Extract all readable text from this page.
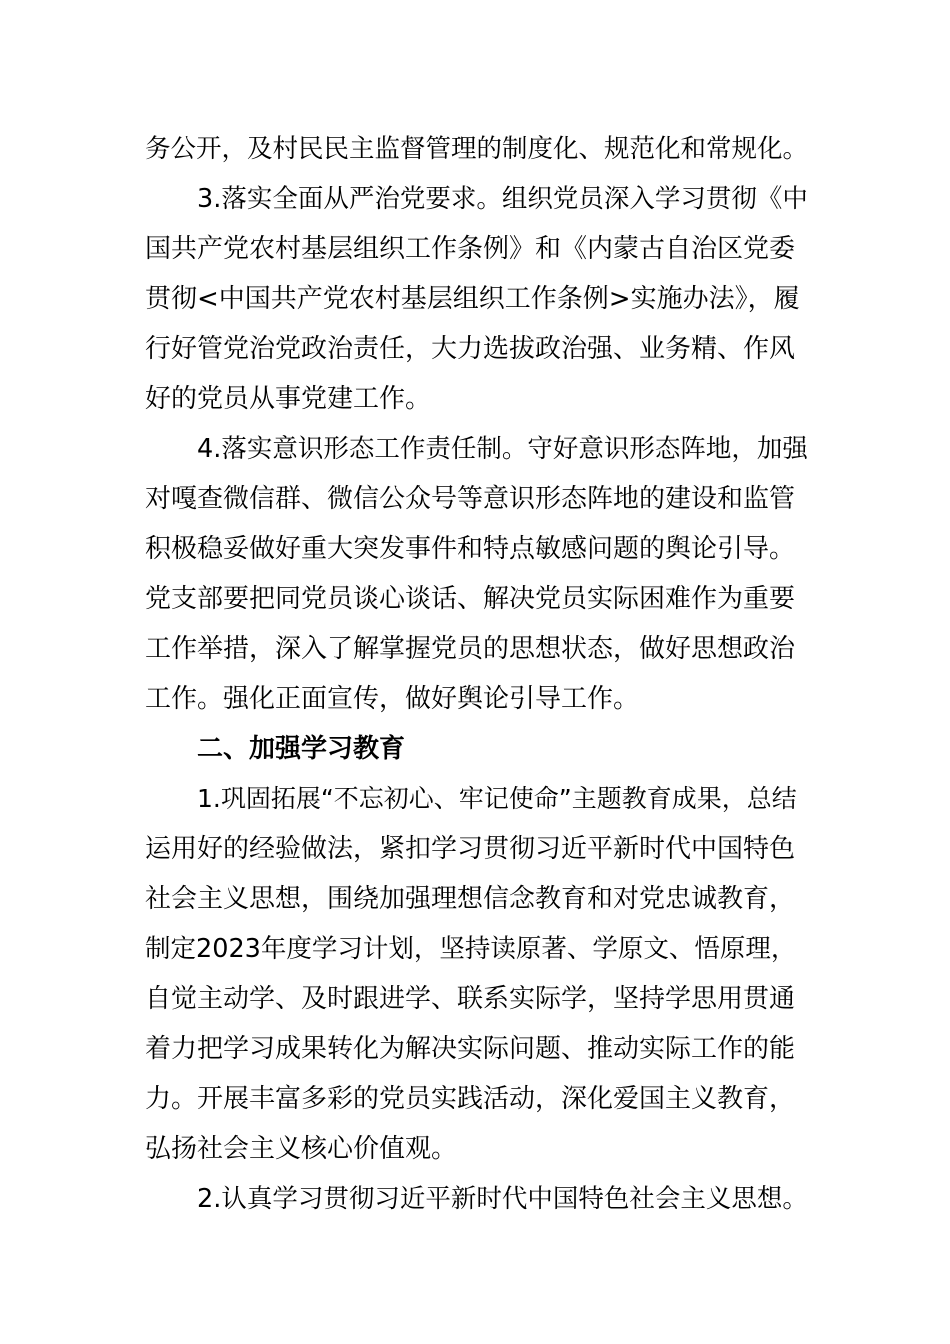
务公开，及村民民主监督管理的制度化、规范化和常规化。
3.落实全面从严治党要求。组织党员深入学习贯彻《中
国共产党农村基层组织工作条例》和《内蒙古自治区党委
贯彻<中国共产党农村基层组织工作条例>实施办法》，履
行好管党治党政治责任，大力选拔政治强、业务精、作风
好的党员从事党建工作。
4.落实意识形态工作责任制。守好意识形态阵地，加强
对嘎查微信群、微信公众号等意识形态阵地的建设和监管
积极稳妥做好重大突发事件和特点敏感问题的舆论引导。
党支部要把同党员谈心谈话、解决党员实际困难作为重要
工作举措，深入了解掌握党员的思想状态，做好思想政治
工作。强化正面宣传，做好舆论引导工作。
二、加强学习教育
1.巩固拓展“不忘初心、牢记使命”主题教育成果，总结
运用好的经验做法，紧扣学习贯彻习近平新时代中国特色
社会主义思想，围绕加强理想信念教育和对党忠诚教育，
制定2023年度学习计划，坚持读原著、学原文、悟原理，
自觉主动学、及时跟进学、联系实际学，坚持学思用贯通
着力把学习成果转化为解决实际问题、推动实际工作的能
力。开展丰富多彩的党员实践活动，深化爱国主义教育，
弘扬社会主义核心价值观。
2.认真学习贯彻习近平新时代中国特色社会主义思想。
